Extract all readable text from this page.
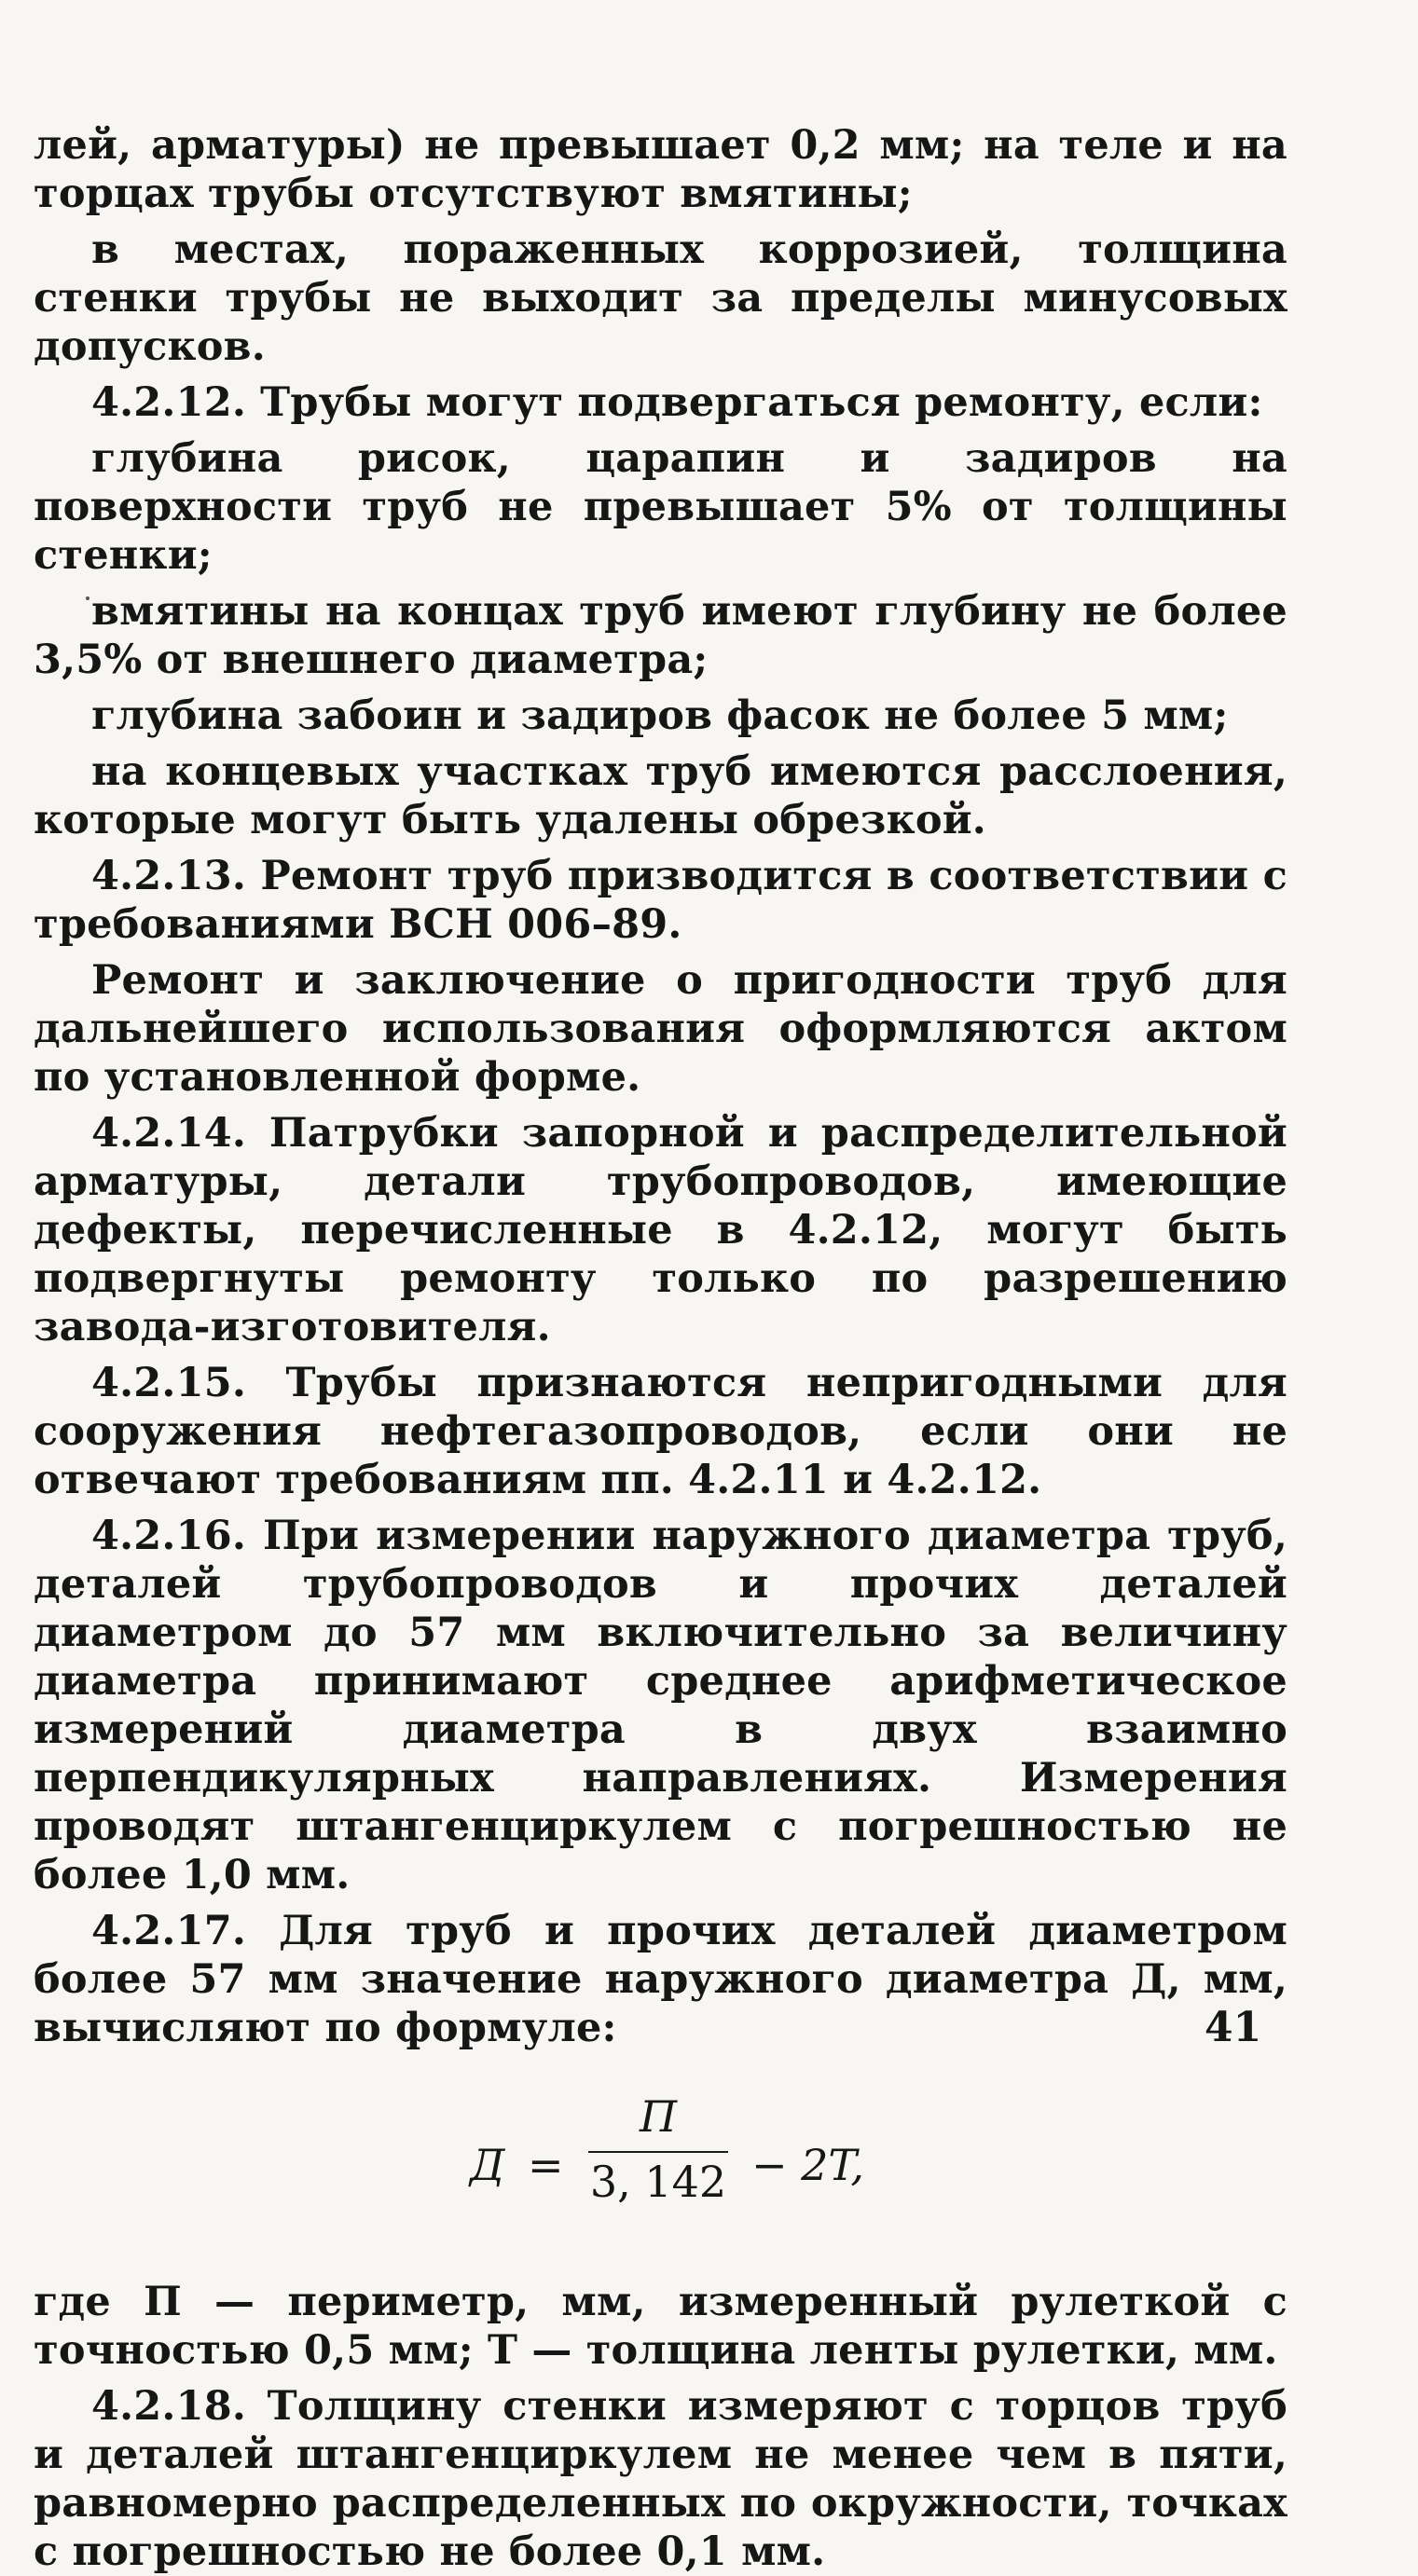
лей, арматуры) не превышает 0,2 мм; на теле и на торцах трубы отсутствуют вмятины;

в местах, пораженных коррозией, толщина стенки трубы не выходит за пределы минусовых допусков.

4.2.12. Трубы могут подвергаться ремонту, если:

глубина рисок, царапин и задиров на поверхности труб не превышает 5% от толщины стенки;

вмятины на концах труб имеют глубину не более 3,5% от внешнего диаметра;

глубина забоин и задиров фасок не более 5 мм;

на концевых участках труб имеются расслоения, которые могут быть удалены обрезкой.

4.2.13. Ремонт труб призводится в соответствии с требованиями ВСН 006–89.

Ремонт и заключение о пригодности труб для дальнейшего использования оформляются актом по установленной форме.

4.2.14. Патрубки запорной и распределительной арматуры, детали трубопроводов, имеющие дефекты, перечисленные в 4.2.12, могут быть подвергнуты ремонту только по разрешению завода-изготовителя.

4.2.15. Трубы признаются непригодными для сооружения нефтегазопроводов, если они не отвечают требованиям пп. 4.2.11 и 4.2.12.

4.2.16. При измерении наружного диаметра труб, деталей трубопроводов и прочих деталей диаметром до 57 мм включительно за величину диаметра принимают среднее арифметическое измерений диаметра в двух взаимно перпендикулярных направлениях. Измерения проводят штангенциркулем с погрешностью не более 1,0 мм.

4.2.17. Для труб и прочих деталей диаметром более 57 мм значение наружного диаметра Д, мм, вычисляют по формуле:

Д =
П
3, 142 − 2T,

где П — периметр, мм, измеренный рулеткой с точностью 0,5 мм; Т — толщина ленты рулетки, мм.

4.2.18. Толщину стенки измеряют с торцов труб и деталей штангенциркулем не менее чем в пяти, равномерно распределенных по окружности, точках с погрешностью не более 0,1 мм.

41
